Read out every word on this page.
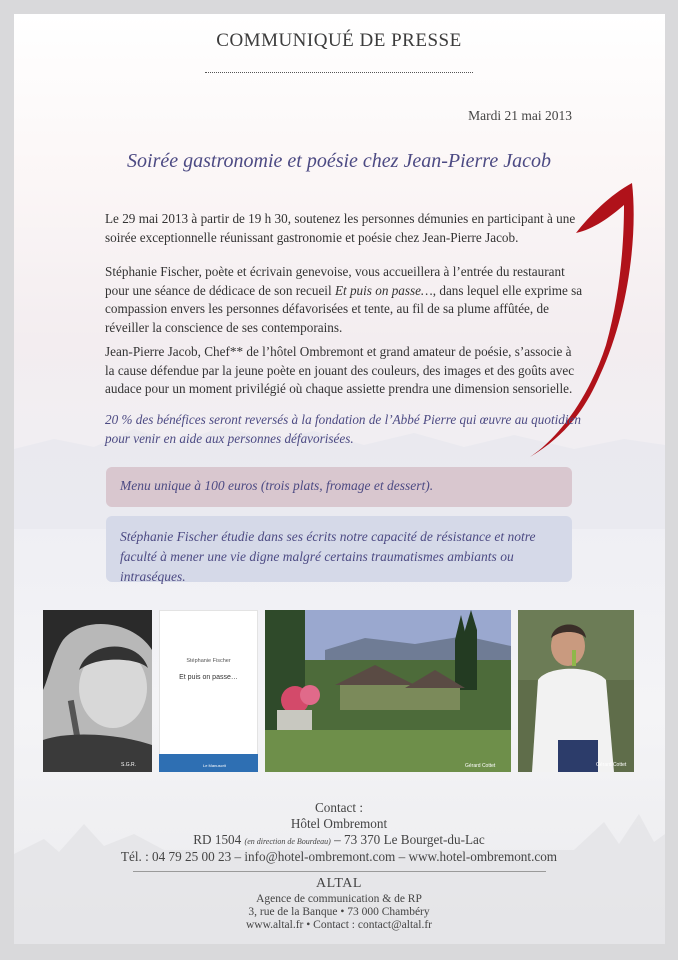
COMMUNIQUÉ DE PRESSE
Mardi 21 mai 2013
Soirée gastronomie et poésie chez Jean-Pierre Jacob
Le 29 mai 2013 à partir de 19 h 30, soutenez les personnes démunies en participant à une soirée exceptionnelle réunissant gastronomie et poésie chez Jean-Pierre Jacob.
Stéphanie Fischer, poète et écrivain genevoise, vous accueillera à l’entrée du restaurant pour une séance de dédicace de son recueil Et puis on passe…, dans lequel elle exprime sa compassion envers les personnes défavorisées et tente, au fil de sa plume affûtée, de réveiller la conscience de ses contemporains.
Jean-Pierre Jacob, Chef** de l’hôtel Ombremont et grand amateur de poésie, s’associe à la cause défendue par la jeune poète en jouant des couleurs, des images et des goûts avec audace pour un moment privilégié où chaque assiette prendra une dimension sensorielle.
20 % des bénéfices seront reversés à la fondation de l’Abbé Pierre qui œuvre au quotidien pour venir en aide aux personnes défavorisées.
Menu unique à 100 euros (trois plats, fromage et dessert).
Stéphanie Fischer étudie dans ses écrits notre capacité de résistance et notre faculté à mener une vie digne malgré certains traumatismes ambiants ou intraséques.
S.G.R.
Stéphanie Fischer
Et puis on passe…
Le Manuscrit	Gérard Cottet	Gérard Cottet
Contact :
Hôtel Ombremont
RD 1504 (en direction de Bourdeau) – 73 370 Le Bourget-du-Lac
Tél. : 04 79 25 00 23 – info@hotel-ombremont.com – www.hotel-ombremont.com
ALTAL
Agence de communication & de RP
3, rue de la Banque • 73 000 Chambéry
www.altal.fr • Contact : contact@altal.fr
